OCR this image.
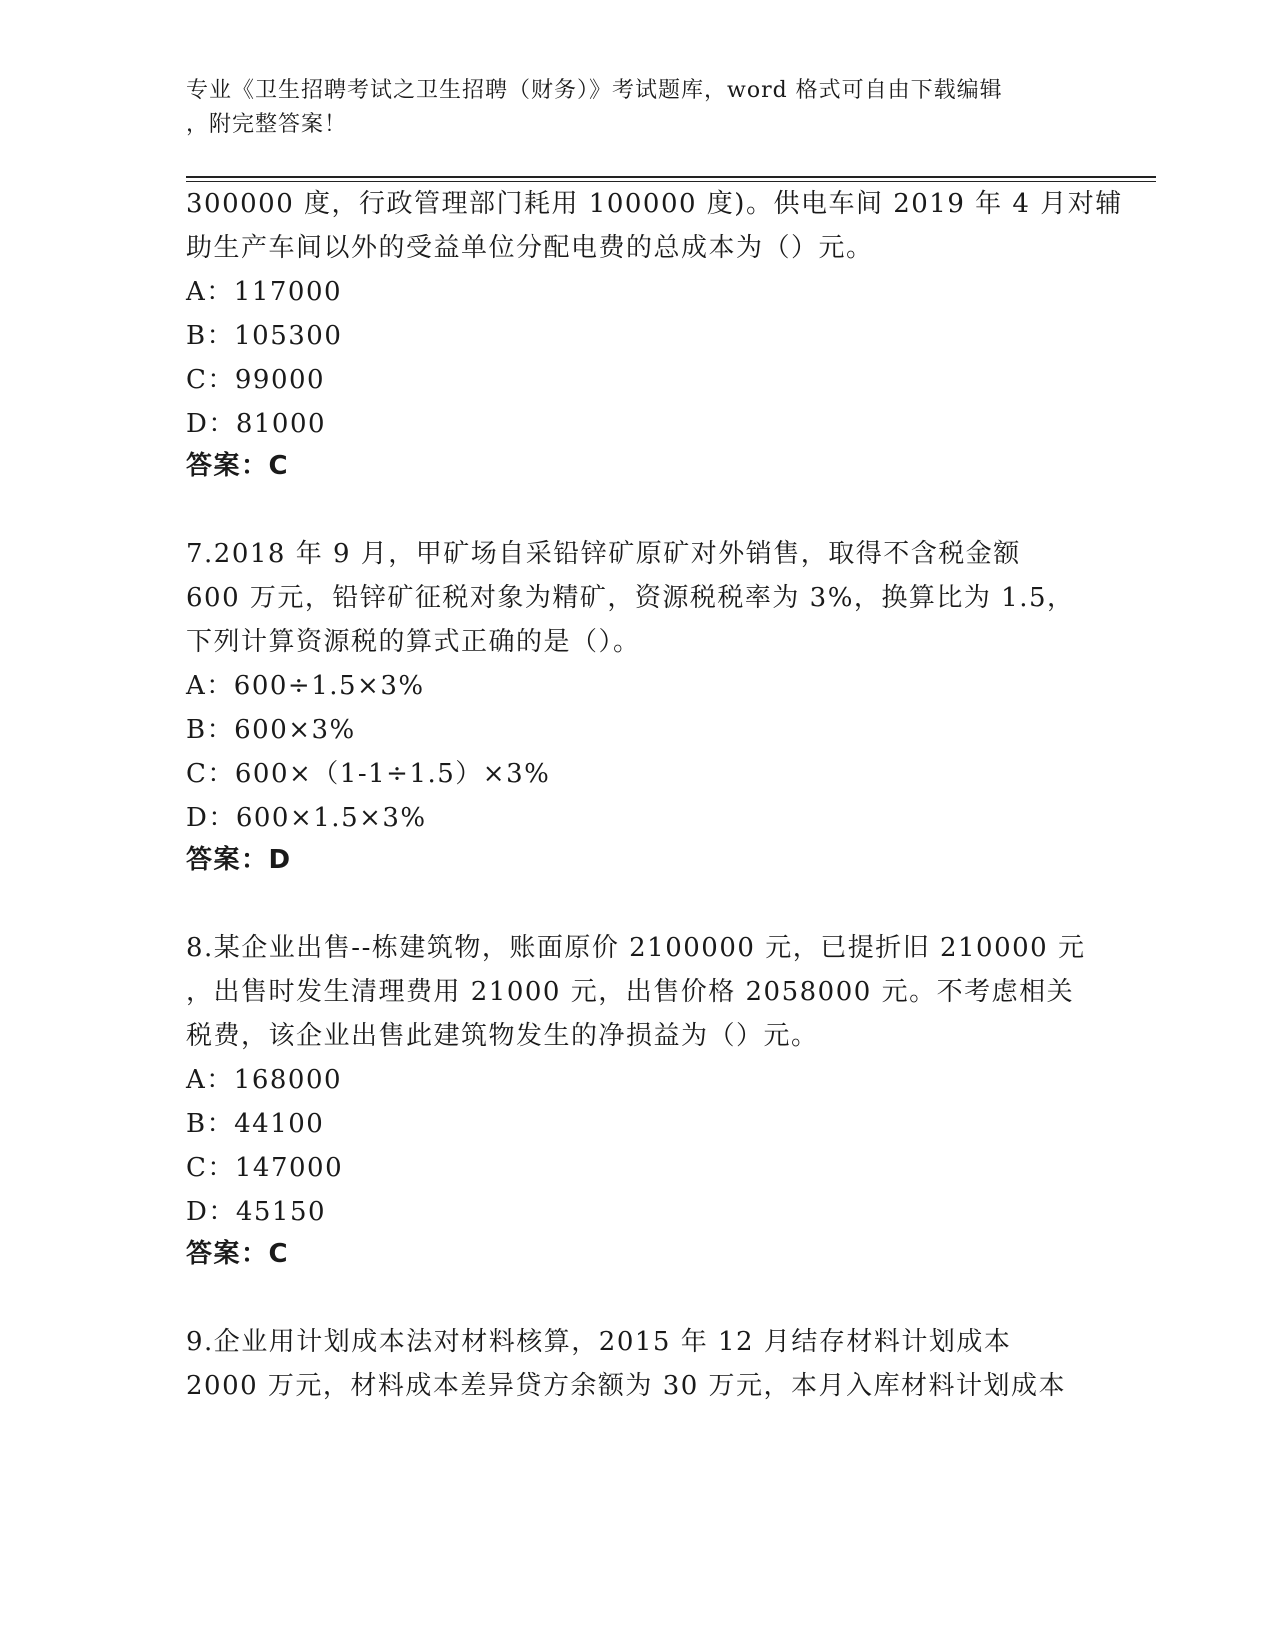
专业《卫生招聘考试之卫生招聘（财务）》考试题库，word 格式可自由下载编辑
，附完整答案！
300000 度，行政管理部门耗用 100000 度)。供电车间 2019 年 4 月对辅
助生产车间以外的受益单位分配电费的总成本为（）元。
A：117000
B：105300
C：99000
D：81000
答案：C
7.2018 年 9 月，甲矿场自采铅锌矿原矿对外销售，取得不含税金额
600 万元，铅锌矿征税对象为精矿，资源税税率为 3%，换算比为 1.5，
下列计算资源税的算式正确的是（）。
A：600÷1.5×3%
B：600×3%
C：600×（1-1÷1.5）×3%
D：600×1.5×3%
答案：D
8.某企业出售--栋建筑物，账面原价 2100000 元，已提折旧 210000 元
，出售时发生清理费用 21000 元，出售价格 2058000 元。不考虑相关
税费，该企业出售此建筑物发生的净损益为（）元。
A：168000
B：44100
C：147000
D：45150
答案：C
9.企业用计划成本法对材料核算，2015 年 12 月结存材料计划成本
2000 万元，材料成本差异贷方余额为 30 万元，本月入库材料计划成本
